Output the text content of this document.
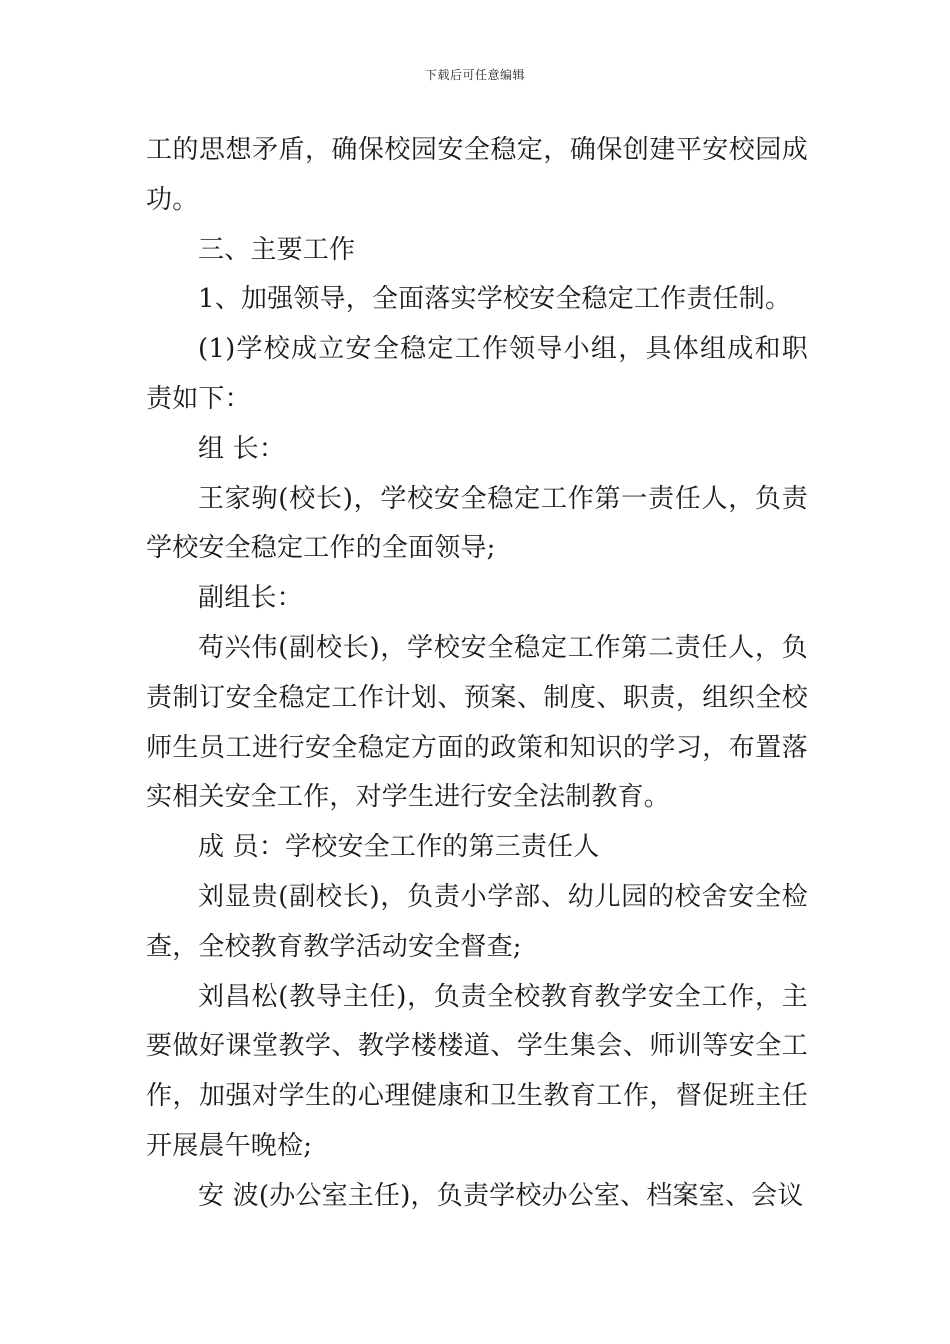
下载后可任意编辑

工的思想矛盾，确保校园安全稳定，确保创建平安校园成功。

三、主要工作

1、加强领导，全面落实学校安全稳定工作责任制。

(1)学校成立安全稳定工作领导小组，具体组成和职责如下：

组 长：

王家驹(校长)，学校安全稳定工作第一责任人，负责学校安全稳定工作的全面领导;

副组长：

苟兴伟(副校长)，学校安全稳定工作第二责任人，负责制订安全稳定工作计划、预案、制度、职责，组织全校师生员工进行安全稳定方面的政策和知识的学习，布置落实相关安全工作，对学生进行安全法制教育。

成 员：学校安全工作的第三责任人

刘显贵(副校长)，负责小学部、幼儿园的校舍安全检查，全校教育教学活动安全督查;

刘昌松(教导主任)，负责全校教育教学安全工作，主要做好课堂教学、教学楼楼道、学生集会、师训等安全工作，加强对学生的心理健康和卫生教育工作，督促班主任开展晨午晚检;

安 波(办公室主任)，负责学校办公室、档案室、会议
